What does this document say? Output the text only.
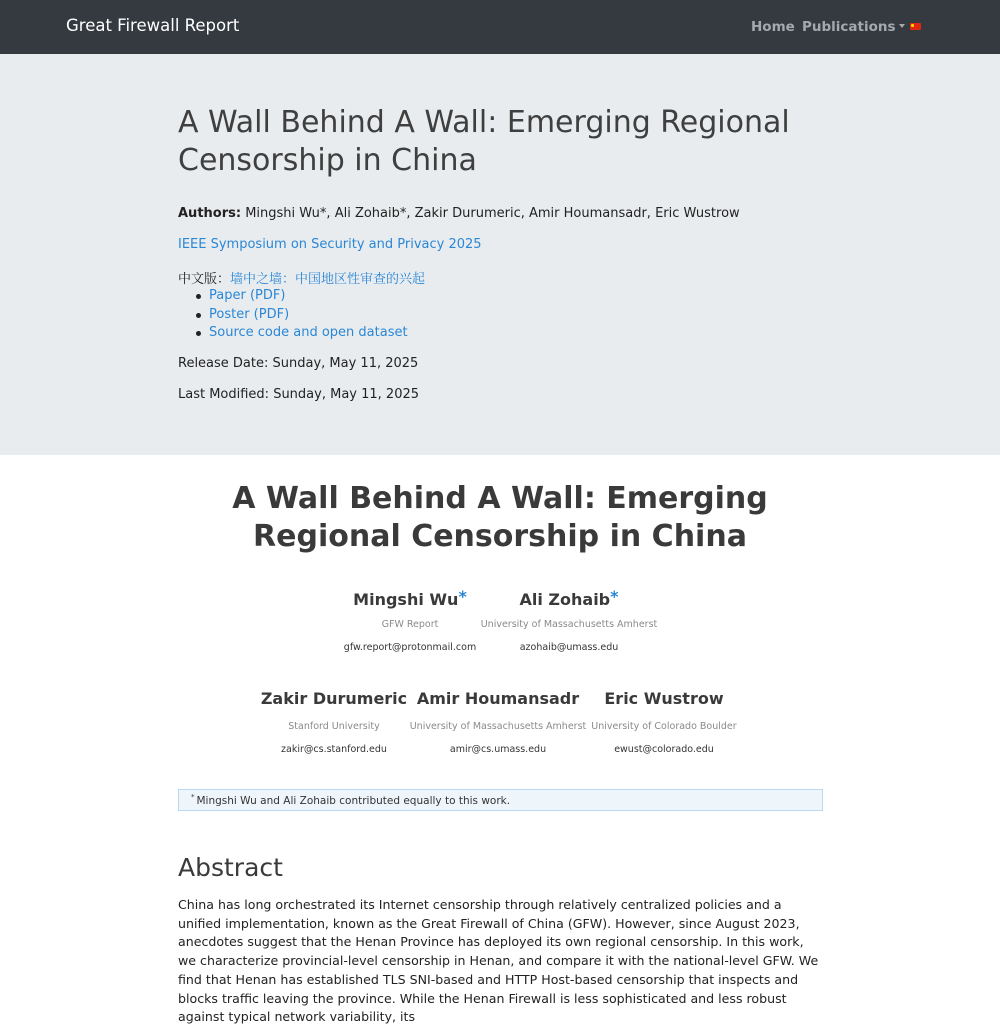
Great Firewall Report	Home Publications
A Wall Behind A Wall: Emerging Regional Censorship in China
Authors: Mingshi Wu*, Ali Zohaib*, Zakir Durumeric, Amir Houmansadr, Eric Wustrow
IEEE Symposium on Security and Privacy 2025
中文版：墙中之墙：中国地区性审查的兴起
Paper (PDF)
Poster (PDF)
Source code and open dataset
Release Date: Sunday, May 11, 2025
Last Modified: Sunday, May 11, 2025
A Wall Behind A Wall: Emerging Regional Censorship in China
Mingshi Wu*
GFW Report
gfw.report@protonmail.com
Ali Zohaib*
University of Massachusetts Amherst
azohaib@umass.edu
Zakir Durumeric
Stanford University
zakir@cs.stanford.edu
Amir Houmansadr
University of Massachusetts Amherst
amir@cs.umass.edu
Eric Wustrow
University of Colorado Boulder
ewust@colorado.edu
* Mingshi Wu and Ali Zohaib contributed equally to this work.
Abstract

China has long orchestrated its Internet censorship through relatively centralized policies and a unified implementation, known as the Great Firewall of China (GFW). However, since August 2023, anecdotes suggest that the Henan Province has deployed its own regional censorship. In this work, we characterize provincial-level censorship in Henan, and compare it with the national-level GFW. We find that Henan has established TLS SNI-based and HTTP Host-based censorship that inspects and blocks traffic leaving the province. While the Henan Firewall is less sophisticated and less robust against typical network variability, its
